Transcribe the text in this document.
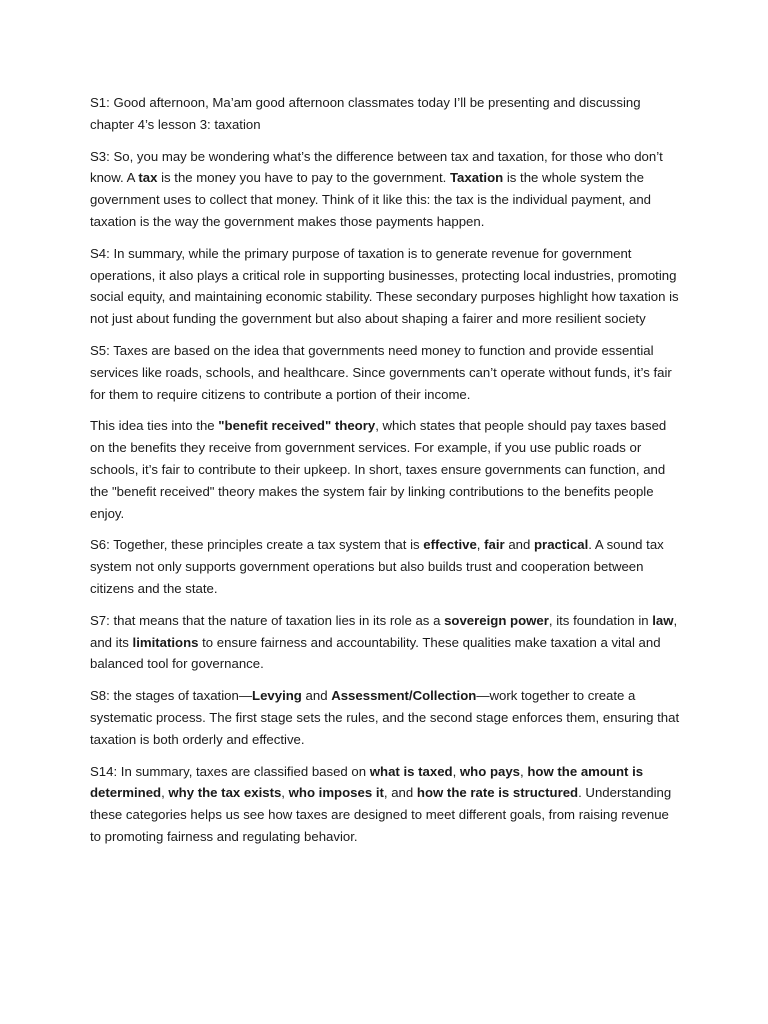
S1: Good afternoon, Ma’am good afternoon classmates today I’ll be presenting and discussing chapter 4’s lesson 3: taxation

S3: So, you may be wondering what’s the difference between tax and taxation, for those who don’t know. A tax is the money you have to pay to the government. Taxation is the whole system the government uses to collect that money. Think of it like this: the tax is the individual payment, and taxation is the way the government makes those payments happen.

S4: In summary, while the primary purpose of taxation is to generate revenue for government operations, it also plays a critical role in supporting businesses, protecting local industries, promoting social equity, and maintaining economic stability. These secondary purposes highlight how taxation is not just about funding the government but also about shaping a fairer and more resilient society

S5: Taxes are based on the idea that governments need money to function and provide essential services like roads, schools, and healthcare. Since governments can’t operate without funds, it’s fair for them to require citizens to contribute a portion of their income.

This idea ties into the "benefit received" theory, which states that people should pay taxes based on the benefits they receive from government services. For example, if you use public roads or schools, it’s fair to contribute to their upkeep. In short, taxes ensure governments can function, and the "benefit received" theory makes the system fair by linking contributions to the benefits people enjoy.

S6: Together, these principles create a tax system that is effective, fair and practical. A sound tax system not only supports government operations but also builds trust and cooperation between citizens and the state.

S7: that means that the nature of taxation lies in its role as a sovereign power, its foundation in law, and its limitations to ensure fairness and accountability. These qualities make taxation a vital and balanced tool for governance.

S8: the stages of taxation—Levying and Assessment/Collection—work together to create a systematic process. The first stage sets the rules, and the second stage enforces them, ensuring that taxation is both orderly and effective.

S14: In summary, taxes are classified based on what is taxed, who pays, how the amount is determined, why the tax exists, who imposes it, and how the rate is structured. Understanding these categories helps us see how taxes are designed to meet different goals, from raising revenue to promoting fairness and regulating behavior.
